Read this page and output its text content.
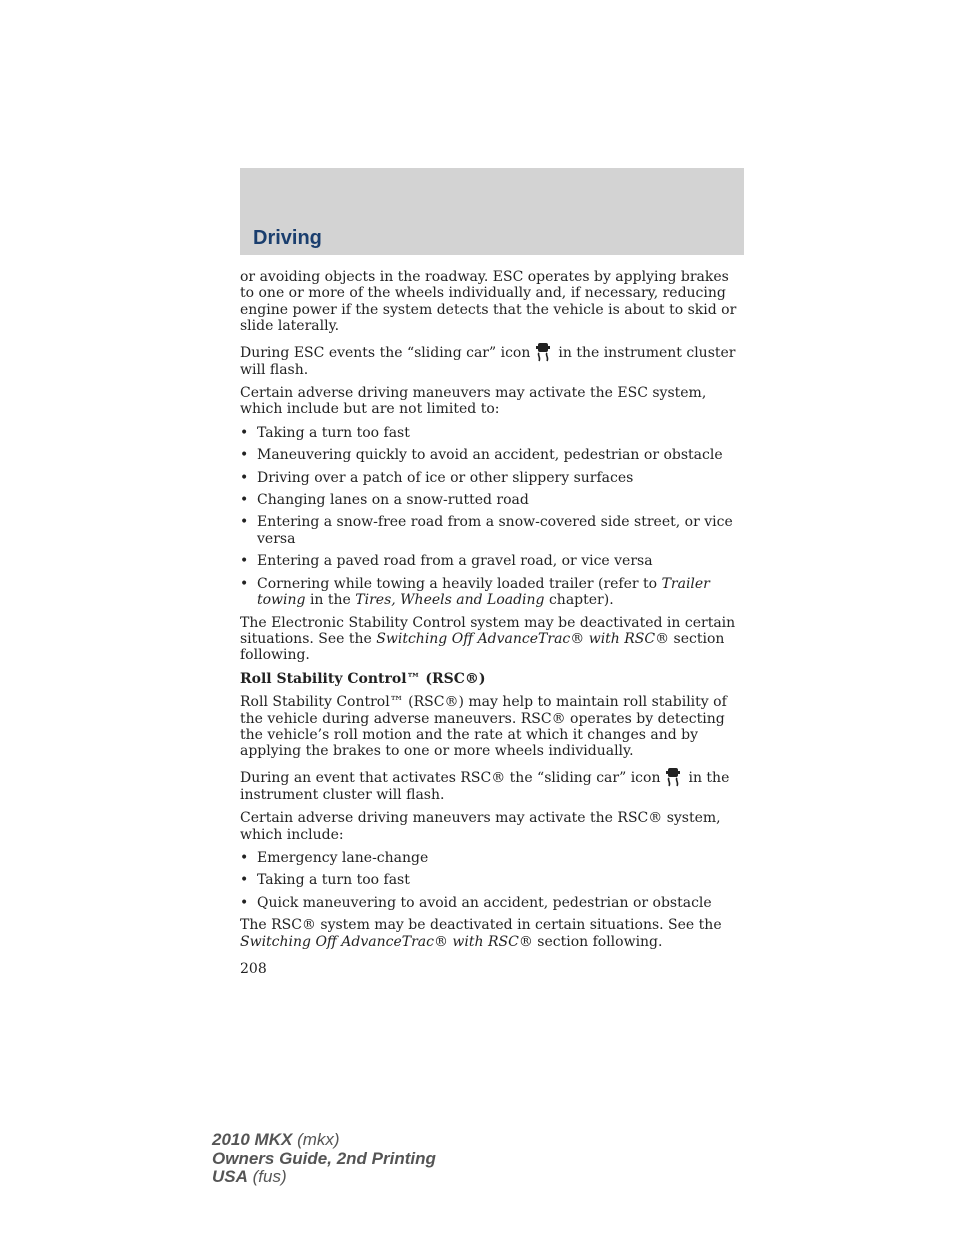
Driving

or avoiding objects in the roadway. ESC operates by applying brakes to one or more of the wheels individually and, if necessary, reducing engine power if the system detects that the vehicle is about to skid or slide laterally.

During ESC events the “sliding car” icon in the instrument cluster will flash.

Certain adverse driving maneuvers may activate the ESC system, which include but are not limited to:

• Taking a turn too fast
• Maneuvering quickly to avoid an accident, pedestrian or obstacle
• Driving over a patch of ice or other slippery surfaces
• Changing lanes on a snow-rutted road
• Entering a snow-free road from a snow-covered side street, or vice versa
• Entering a paved road from a gravel road, or vice versa
• Cornering while towing a heavily loaded trailer (refer to Trailer towing in the Tires, Wheels and Loading chapter).

The Electronic Stability Control system may be deactivated in certain situations. See the Switching Off AdvanceTrac® with RSC® section following.

Roll Stability Control™ (RSC®)

Roll Stability Control™ (RSC®) may help to maintain roll stability of the vehicle during adverse maneuvers. RSC® operates by detecting the vehicle’s roll motion and the rate at which it changes and by applying the brakes to one or more wheels individually.

During an event that activates RSC® the “sliding car” icon in the instrument cluster will flash.

Certain adverse driving maneuvers may activate the RSC® system, which include:

• Emergency lane-change
• Taking a turn too fast
• Quick maneuvering to avoid an accident, pedestrian or obstacle

The RSC® system may be deactivated in certain situations. See the Switching Off AdvanceTrac® with RSC® section following.

208
2010 MKX (mkx)
Owners Guide, 2nd Printing
USA (fus)
